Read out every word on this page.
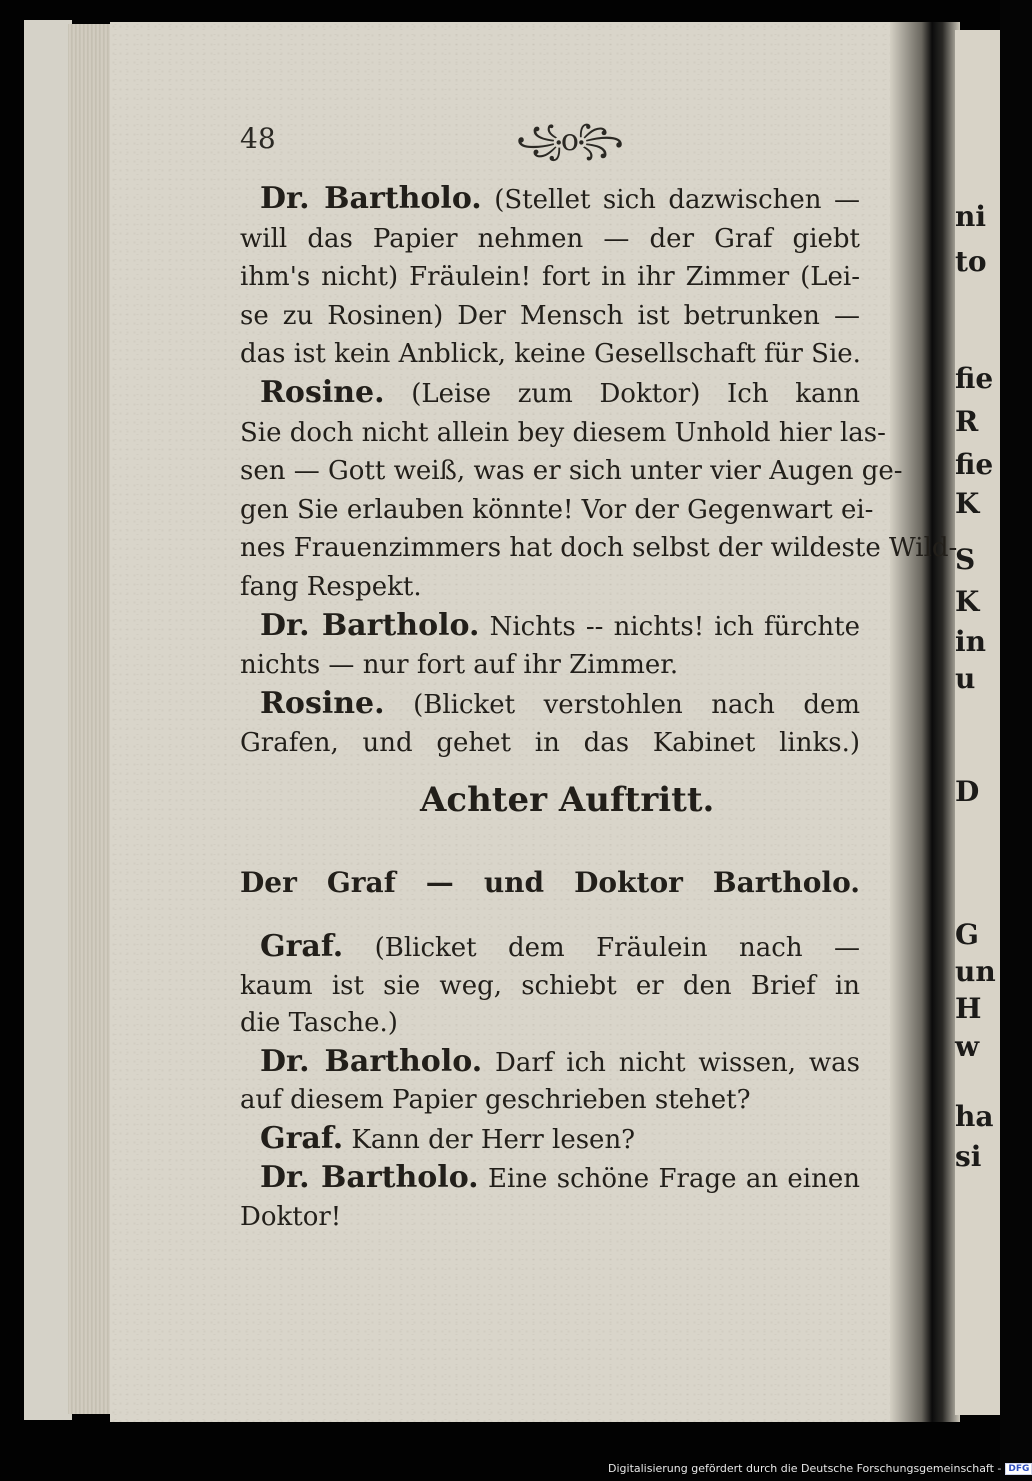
ni
to
fie
R
fie
K
S
K
in
u
D
G
un
H
w
ha
si
48	꧁o꧂
Dr. Bartholo. (Stellet sich dazwischen —
will das Papier nehmen — der Graf giebt
ihm's nicht) Fräulein! fort in ihr Zimmer (Lei-
se zu Rosinen) Der Mensch ist betrunken —
das ist kein Anblick, keine Gesellschaft für Sie.
Rosine. (Leise zum Doktor) Ich kann
Sie doch nicht allein bey diesem Unhold hier las-
sen — Gott weiß, was er sich unter vier Augen ge-
gen Sie erlauben könnte! Vor der Gegenwart ei-
nes Frauenzimmers hat doch selbst der wildeste Wild-
fang Respekt.
Dr. Bartholo. Nichts -- nichts! ich fürchte
nichts — nur fort auf ihr Zimmer.
Rosine. (Blicket verstohlen nach dem
Grafen, und gehet in das Kabinet links.)
Achter Auftritt.
Der Graf — und Doktor Bartholo.
Graf. (Blicket dem Fräulein nach —
kaum ist sie weg, schiebt er den Brief in
die Tasche.)
Dr. Bartholo. Darf ich nicht wissen, was
auf diesem Papier geschrieben stehet?
Graf. Kann der Herr lesen?
Dr. Bartholo. Eine schöne Frage an einen
Doktor!
Digitalisierung gefördert durch die Deutsche Forschungsgemeinschaft - DFG
